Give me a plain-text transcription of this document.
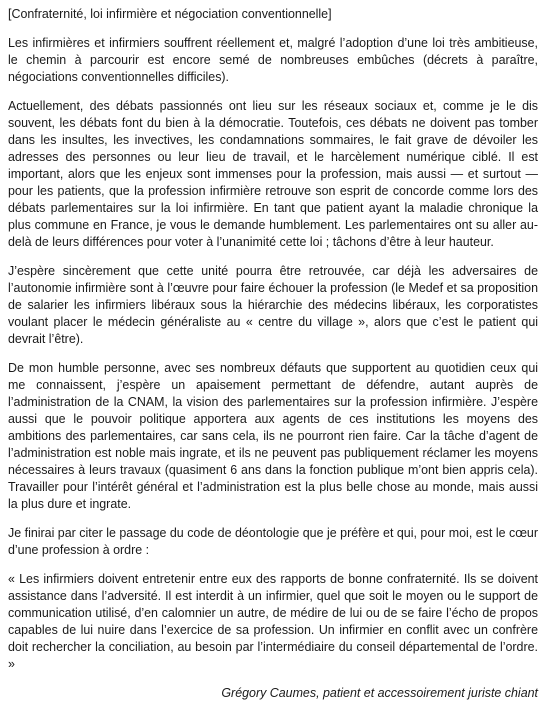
[Confraternité, loi infirmière et négociation conventionnelle]

Les infirmières et infirmiers souffrent réellement et, malgré l’adoption d’une loi très ambitieuse, le chemin à parcourir est encore semé de nombreuses embûches (décrets à paraître, négociations conventionnelles difficiles).

Actuellement, des débats passionnés ont lieu sur les réseaux sociaux et, comme je le dis souvent, les débats font du bien à la démocratie. Toutefois, ces débats ne doivent pas tomber dans les insultes, les invectives, les condamnations sommaires, le fait grave de dévoiler les adresses des personnes ou leur lieu de travail, et le harcèlement numérique ciblé. Il est important, alors que les enjeux sont immenses pour la profession, mais aussi — et surtout — pour les patients, que la profession infirmière retrouve son esprit de concorde comme lors des débats parlementaires sur la loi infirmière. En tant que patient ayant la maladie chronique la plus commune en France, je vous le demande humblement. Les parlementaires ont su aller au-delà de leurs différences pour voter à l’unanimité cette loi ; tâchons d’être à leur hauteur.

J’espère sincèrement que cette unité pourra être retrouvée, car déjà les adversaires de l’autonomie infirmière sont à l’œuvre pour faire échouer la profession (le Medef et sa proposition de salarier les infirmiers libéraux sous la hiérarchie des médecins libéraux, les corporatistes voulant placer le médecin généraliste au « centre du village », alors que c’est le patient qui devrait l’être).

De mon humble personne, avec ses nombreux défauts que supportent au quotidien ceux qui me connaissent, j’espère un apaisement permettant de défendre, autant auprès de l’administration de la CNAM, la vision des parlementaires sur la profession infirmière. J’espère aussi que le pouvoir politique apportera aux agents de ces institutions les moyens des ambitions des parlementaires, car sans cela, ils ne pourront rien faire. Car la tâche d’agent de l’administration est noble mais ingrate, et ils ne peuvent pas publiquement réclamer les moyens nécessaires à leurs travaux (quasiment 6 ans dans la fonction publique m’ont bien appris cela). Travailler pour l’intérêt général et l’administration est la plus belle chose au monde, mais aussi la plus dure et ingrate.

Je finirai par citer le passage du code de déontologie que je préfère et qui, pour moi, est le cœur d’une profession à ordre :

« Les infirmiers doivent entretenir entre eux des rapports de bonne confraternité. Ils se doivent assistance dans l’adversité. Il est interdit à un infirmier, quel que soit le moyen ou le support de communication utilisé, d’en calomnier un autre, de médire de lui ou de se faire l’écho de propos capables de lui nuire dans l’exercice de sa profession. Un infirmier en conflit avec un confrère doit rechercher la conciliation, au besoin par l’intermédiaire du conseil départemental de l’ordre. »

Grégory Caumes, patient et accessoirement juriste chiant
